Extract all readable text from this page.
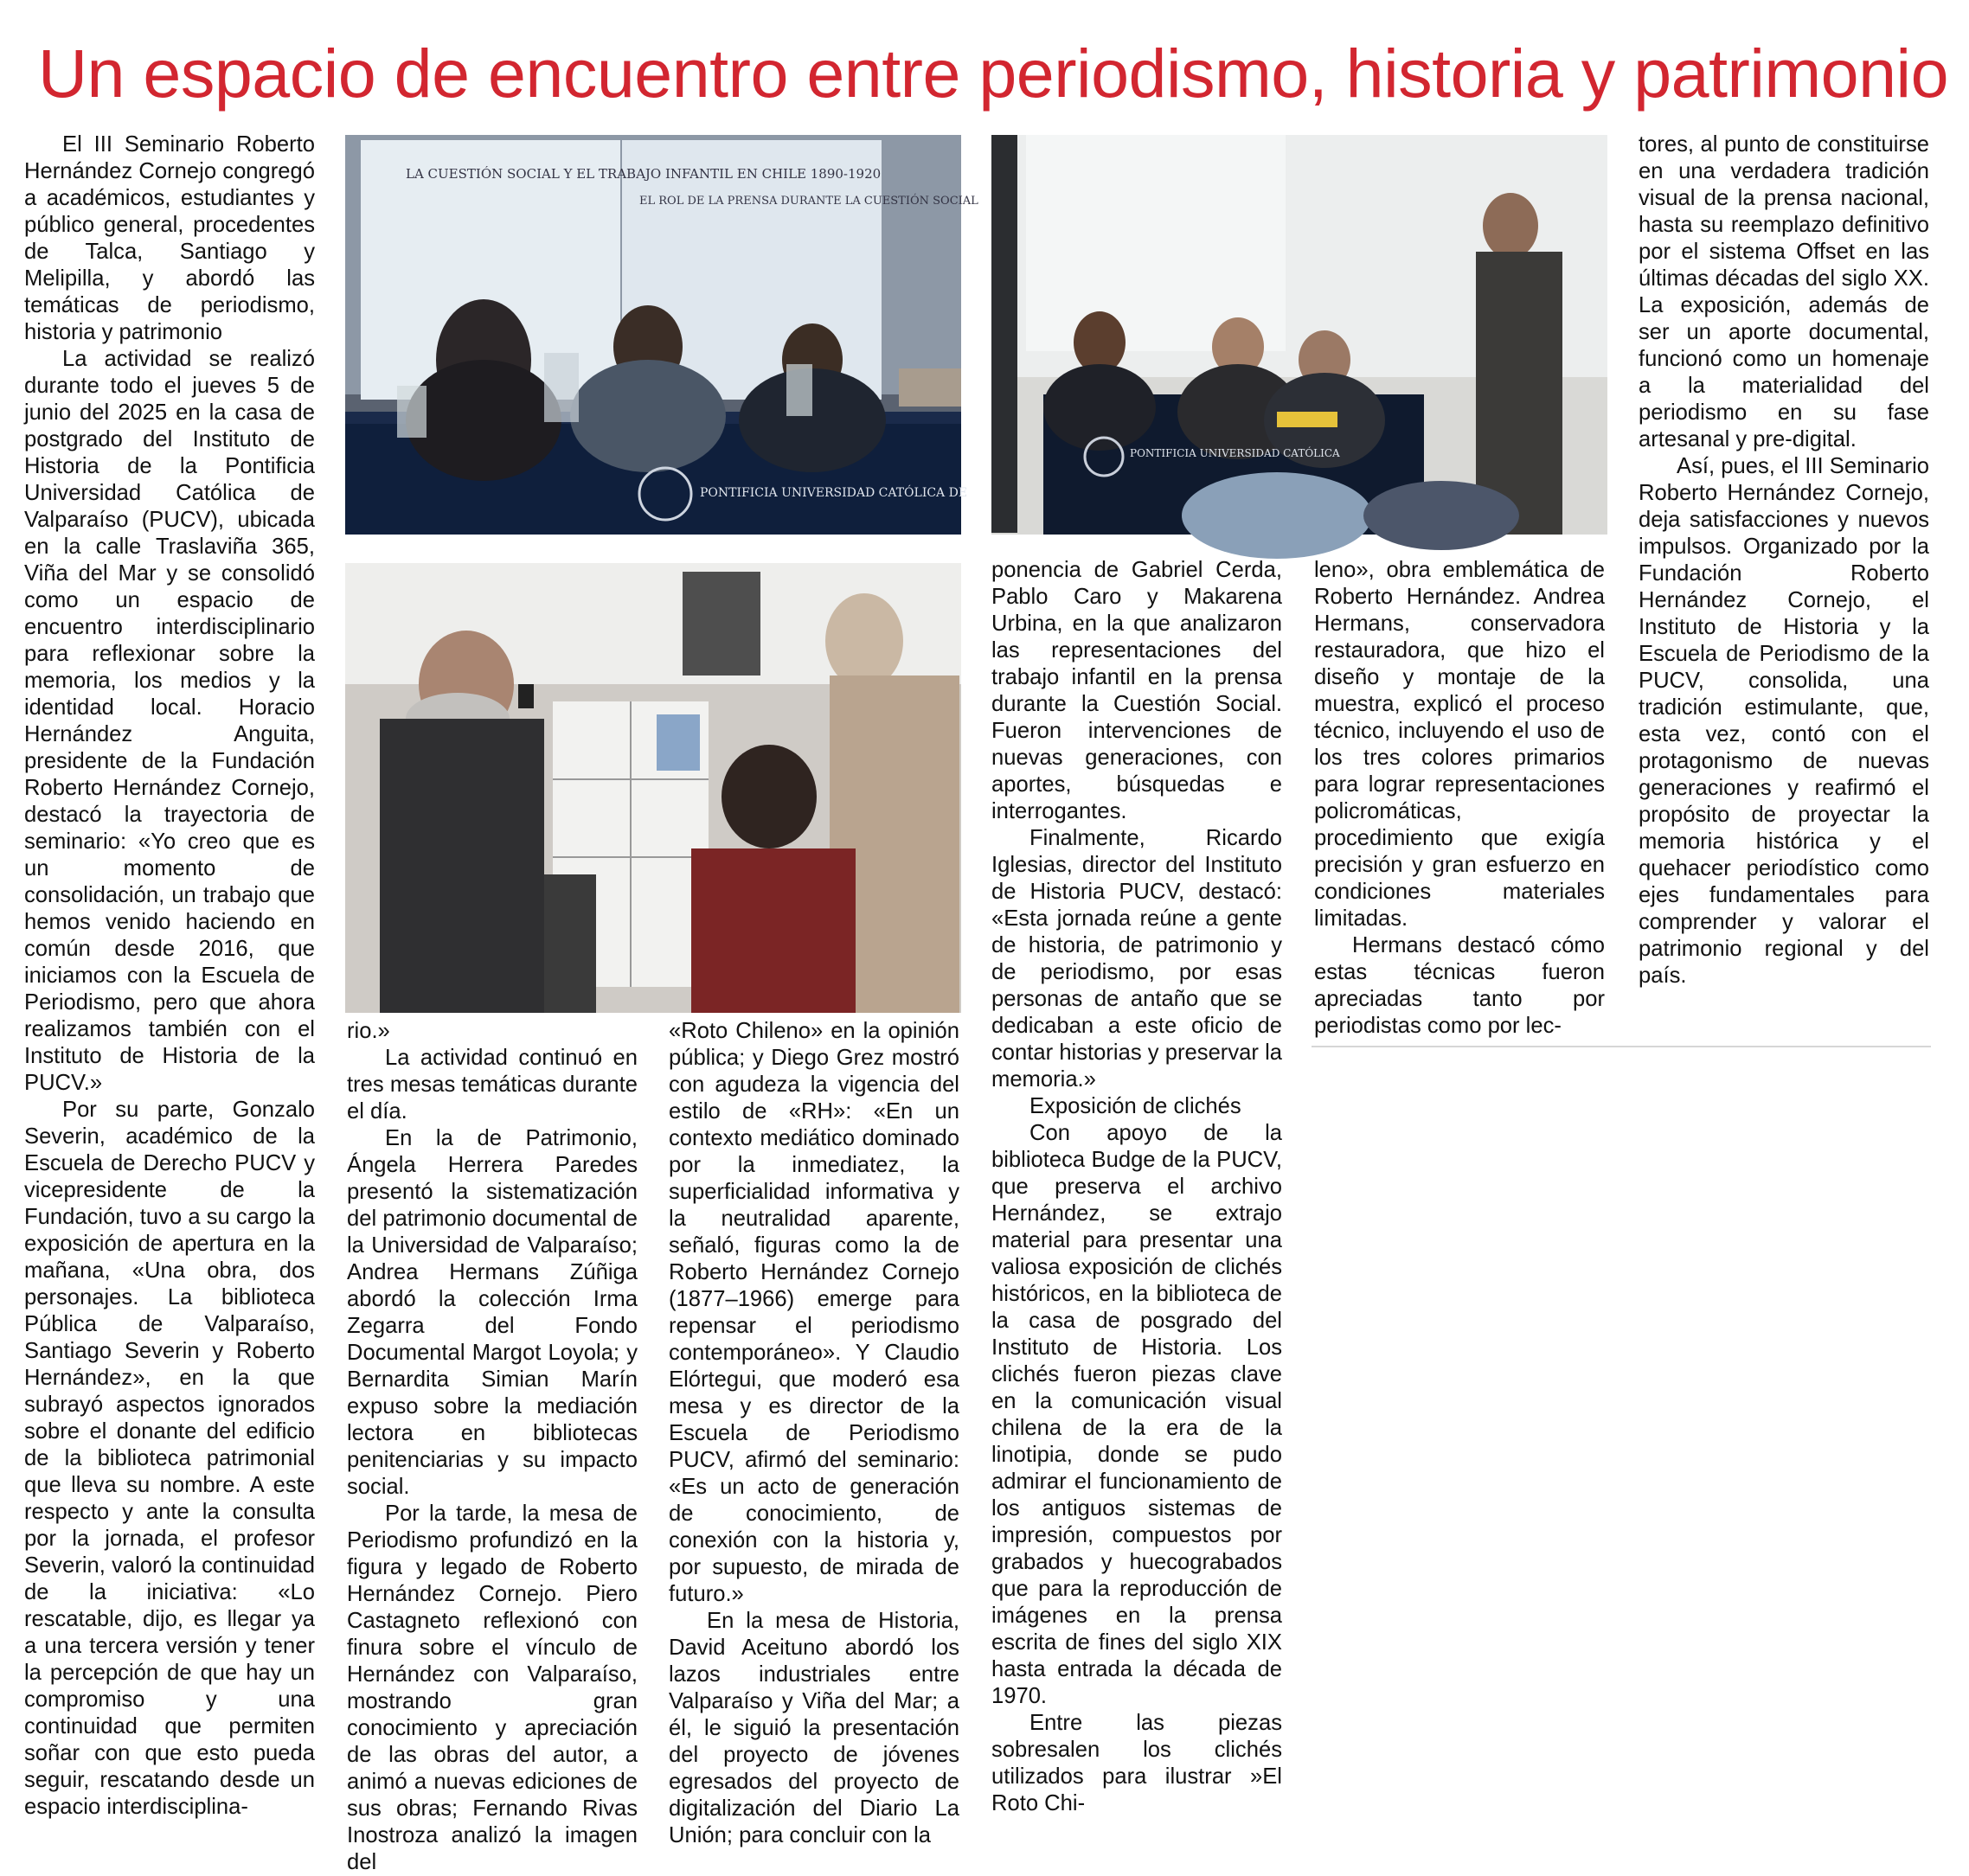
Un espacio de encuentro entre periodismo, historia y patrimonio

El III Seminario Roberto Hernández Cornejo congregó a académicos, estudiantes y público general, procedentes de Talca, Santiago y Melipilla, y abordó las temáticas de periodismo, historia y patrimonio

La actividad se realizó durante todo el jueves 5 de junio del 2025 en la casa de postgrado del Instituto de Historia de la Pontificia Universidad Católica de Valparaíso (PUCV), ubicada en la calle Traslaviña 365, Viña del Mar y se consolidó como un espacio de encuentro interdisciplinario para reflexionar sobre la memoria, los medios y la identidad local. Horacio Hernández Anguita, presidente de la Fundación Roberto Hernández Cornejo, destacó la trayectoria de seminario: «Yo creo que es un momento de consolidación, un trabajo que hemos venido haciendo en común desde 2016, que iniciamos con la Escuela de Periodismo, pero que ahora realizamos también con el Instituto de Historia de la PUCV.»

Por su parte, Gonzalo Severin, académico de la Escuela de Derecho PUCV y vicepresidente de la Fundación, tuvo a su cargo la exposición de apertura en la mañana, «Una obra, dos personajes. La biblioteca Pública de Valparaíso, Santiago Severin y Roberto Hernández», en la que subrayó aspectos ignorados sobre el donante del edificio de la biblioteca patrimonial que lleva su nombre. A este respecto y ante la consulta por la jornada, el profesor Severin, valoró la continuidad de la iniciativa: «Lo rescatable, dijo, es llegar ya a una tercera versión y tener la percepción de que hay un compromiso y una continuidad que permiten soñar con que esto pueda seguir, rescatando desde un espacio interdisciplina-

LA CUESTIÓN SOCIAL Y EL TRABAJO INFANTIL EN CHILE 1890-1920
EL ROL DE LA PRENSA DURANTE LA CUESTIÓN SOCIAL
PONTIFICIA UNIVERSIDAD CATÓLICA DE
PONTIFICIA UNIVERSIDAD CATÓLICA

rio.»

La actividad continuó en tres mesas temáticas durante el día.

En la de Patrimonio, Ángela Herrera Paredes presentó la sistematización del patrimonio documental de la Universidad de Valparaíso; Andrea Hermans Zúñiga abordó la colección Irma Zegarra del Fondo Documental Margot Loyola; y Bernardita Simian Marín expuso sobre la mediación lectora en bibliotecas penitenciarias y su impacto social.

Por la tarde, la mesa de Periodismo profundizó en la figura y legado de Roberto Hernández Cornejo. Piero Castagneto reflexionó con finura sobre el vínculo de Hernández con Valparaíso, mostrando gran conocimiento y apreciación de las obras del autor, a animó a nuevas ediciones de sus obras; Fernando Rivas Inostroza analizó la imagen del

«Roto Chileno» en la opinión pública; y Diego Grez mostró con agudeza la vigencia del estilo de «RH»: «En un contexto mediático dominado por la inmediatez, la superficialidad informativa y la neutralidad aparente, señaló, figuras como la de Roberto Hernández Cornejo (1877–1966) emerge para repensar el periodismo contemporáneo». Y Claudio Elórtegui, que moderó esa mesa y es director de la Escuela de Periodismo PUCV, afirmó del seminario: «Es un acto de generación de conocimiento, de conexión con la historia y, por supuesto, de mirada de futuro.»

En la mesa de Historia, David Aceituno abordó los lazos industriales entre Valparaíso y Viña del Mar; a él, le siguió la presentación del proyecto de jóvenes egresados del proyecto de digitalización del Diario La Unión; para concluir con la

ponencia de Gabriel Cerda, Pablo Caro y Makarena Urbina, en la que analizaron las representaciones del trabajo infantil en la prensa durante la Cuestión Social. Fueron intervenciones de nuevas generaciones, con aportes, búsquedas e interrogantes.

Finalmente, Ricardo Iglesias, director del Instituto de Historia PUCV, destacó: «Esta jornada reúne a gente de historia, de patrimonio y de periodismo, por esas personas de antaño que se dedicaban a este oficio de contar historias y preservar la memoria.»

Exposición de clichés

Con apoyo de la biblioteca Budge de la PUCV, que preserva el archivo Hernández, se extrajo material para presentar una valiosa exposición de clichés históricos, en la biblioteca de la casa de posgrado del Instituto de Historia. Los clichés fueron piezas clave en la comunicación visual chilena de la era de la linotipia, donde se pudo admirar el funcionamiento de los antiguos sistemas de impresión, compuestos por grabados y huecograbados que para la reproducción de imágenes en la prensa escrita de fines del siglo XIX hasta entrada la década de 1970.

Entre las piezas sobresalen los clichés utilizados para ilustrar »El Roto Chi-

leno», obra emblemática de Roberto Hernández. Andrea Hermans, conservadora restauradora, que hizo el diseño y montaje de la muestra, explicó el proceso técnico, incluyendo el uso de los tres colores primarios para lograr representaciones policromáticas, procedimiento que exigía precisión y gran esfuerzo en condiciones materiales limitadas.

Hermans destacó cómo estas técnicas fueron apreciadas tanto por periodistas como por lec-

tores, al punto de constituirse en una verdadera tradición visual de la prensa nacional, hasta su reemplazo definitivo por el sistema Offset en las últimas décadas del siglo XX. La exposición, además de ser un aporte documental, funcionó como un homenaje a la materialidad del periodismo en su fase artesanal y pre-digital.

Así, pues, el III Seminario Roberto Hernández Cornejo, deja satisfacciones y nuevos impulsos. Organizado por la Fundación Roberto Hernández Cornejo, el Instituto de Historia y la Escuela de Periodismo de la PUCV, consolida, una tradición estimulante, que, esta vez, contó con el protagonismo de nuevas generaciones y reafirmó el propósito de proyectar la memoria histórica y el quehacer periodístico como ejes fundamentales para comprender y valorar el patrimonio regional y del país.
